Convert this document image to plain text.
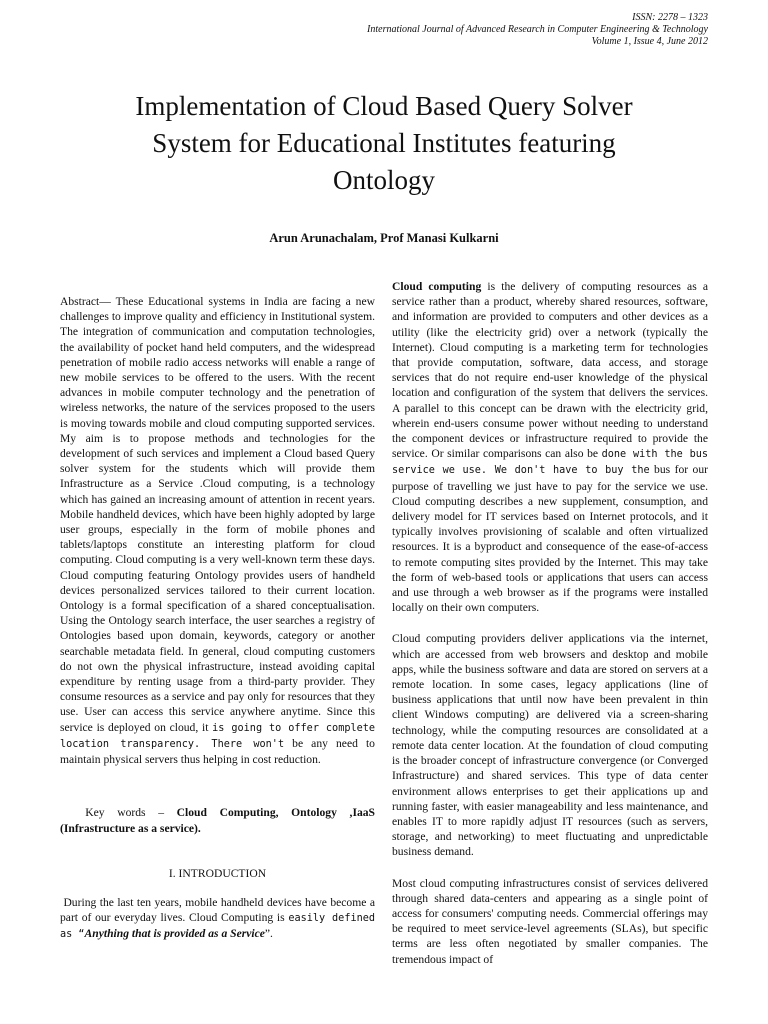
ISSN: 2278 – 1323
International Journal of Advanced Research in Computer Engineering & Technology
Volume 1, Issue 4, June 2012
Implementation of Cloud Based Query Solver
System for Educational Institutes featuring
Ontology
Arun Arunachalam, Prof Manasi Kulkarni

Abstract— These Educational systems in India are facing a new challenges to improve quality and efficiency in Institutional system. The integration of communication and computation technologies, the availability of pocket hand held computers, and the widespread penetration of mobile radio access networks will enable a range of new mobile services to be offered to the users. With the recent advances in mobile computer technology and the penetration of wireless networks, the nature of the services proposed to the users is moving towards mobile and cloud computing supported services. My aim is to propose methods and technologies for the development of such services and implement a Cloud based Query solver system for the students which will provide them Infrastructure as a Service .Cloud computing, is a technology which has gained an increasing amount of attention in recent years. Mobile handheld devices, which have been highly adopted by large user groups, especially in the form of mobile phones and tablets/laptops constitute an interesting platform for cloud computing. Cloud computing is a very well-known term these days. Cloud computing featuring Ontology provides users of handheld devices personalized services tailored to their current location. Ontology is a formal specification of a shared conceptualisation. Using the Ontology search interface, the user searches a registry of Ontologies based upon domain, keywords, category or another searchable metadata field. In general, cloud computing customers do not own the physical infrastructure, instead avoiding capital expenditure by renting usage from a third-party provider. They consume resources as a service and pay only for resources that they use. User can access this service anywhere anytime. Since this service is deployed on cloud, it is going to offer complete location transparency. There won't be any need to maintain physical servers thus helping in cost reduction.

Key words – Cloud Computing, Ontology ,IaaS (Infrastructure as a service).

I. INTRODUCTION

During the last ten years, mobile handheld devices have become a part of our everyday lives. Cloud Computing is easily defined as “Anything that is provided as a Service”.

Cloud computing is the delivery of computing resources as a service rather than a product, whereby shared resources, software, and information are provided to computers and other devices as a utility (like the electricity grid) over a network (typically the Internet). Cloud computing is a marketing term for technologies that provide computation, software, data access, and storage services that do not require end-user knowledge of the physical location and configuration of the system that delivers the services. A parallel to this concept can be drawn with the electricity grid, wherein end-users consume power without needing to understand the component devices or infrastructure required to provide the service. Or similar comparisons can also be done with the bus service we use. We don't have to buy the bus for our purpose of travelling we just have to pay for the service we use. Cloud computing describes a new supplement, consumption, and delivery model for IT services based on Internet protocols, and it typically involves provisioning of scalable and often virtualized resources. It is a byproduct and consequence of the ease-of-access to remote computing sites provided by the Internet. This may take the form of web-based tools or applications that users can access and use through a web browser as if the programs were installed locally on their own computers.

Cloud computing providers deliver applications via the internet, which are accessed from web browsers and desktop and mobile apps, while the business software and data are stored on servers at a remote location. In some cases, legacy applications (line of business applications that until now have been prevalent in thin client Windows computing) are delivered via a screen-sharing technology, while the computing resources are consolidated at a remote data center location. At the foundation of cloud computing is the broader concept of infrastructure convergence (or Converged Infrastructure) and shared services. This type of data center environment allows enterprises to get their applications up and running faster, with easier manageability and less maintenance, and enables IT to more rapidly adjust IT resources (such as servers, storage, and networking) to meet fluctuating and unpredictable business demand.

Most cloud computing infrastructures consist of services delivered through shared data-centers and appearing as a single point of access for consumers' computing needs. Commercial offerings may be required to meet service-level agreements (SLAs), but specific terms are less often negotiated by smaller companies. The tremendous impact of
